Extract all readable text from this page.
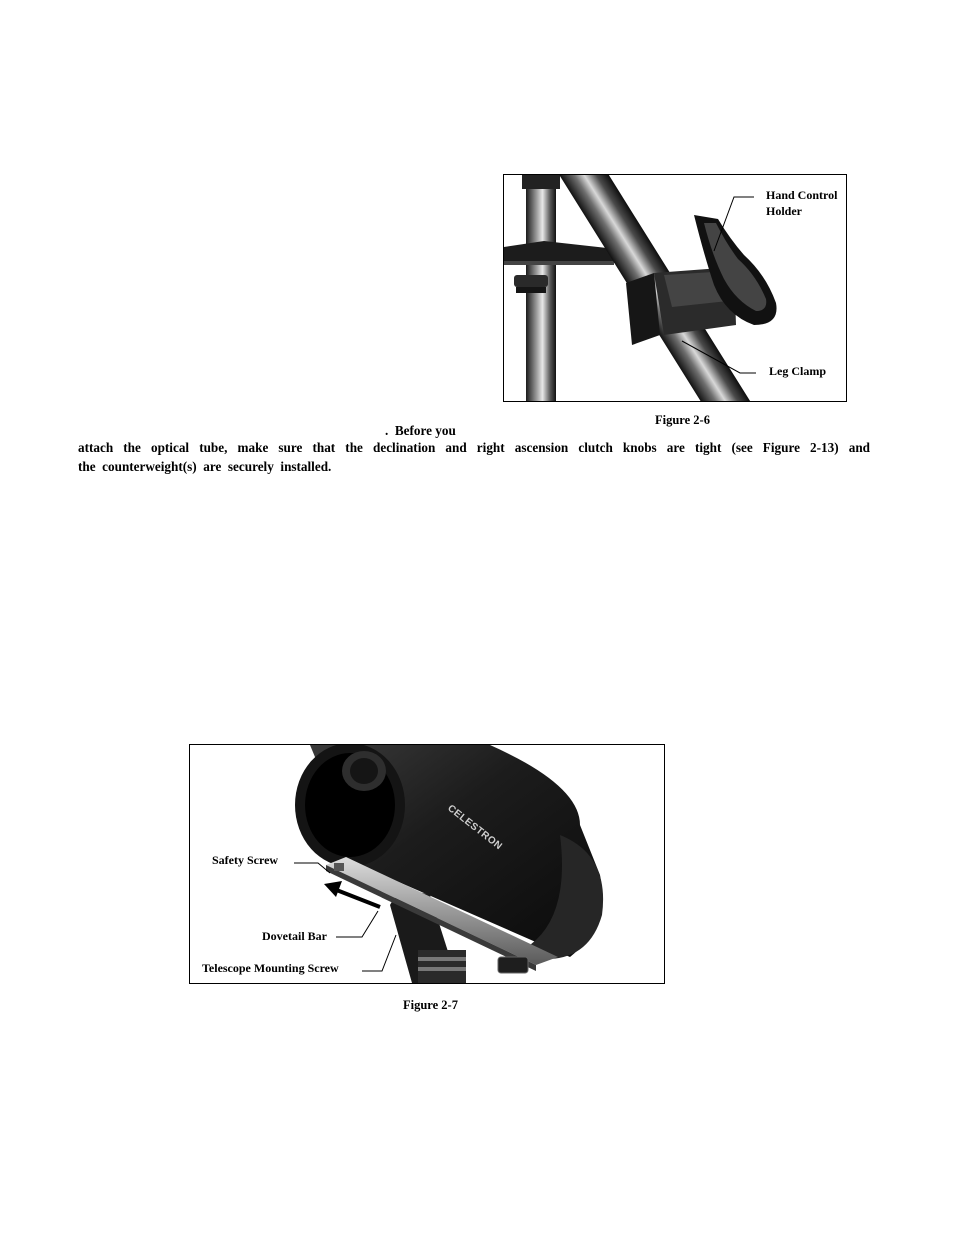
Hand Control
Holder
Leg Clamp
Figure 2-6
.  Before you
attach the optical tube, make sure that the declination and right ascension clutch knobs are tight (see Figure 2-13) and
the  counterweight(s)  are  securely  installed.
CELESTRON
Safety Screw
Dovetail Bar
Telescope Mounting Screw
Figure 2-7
